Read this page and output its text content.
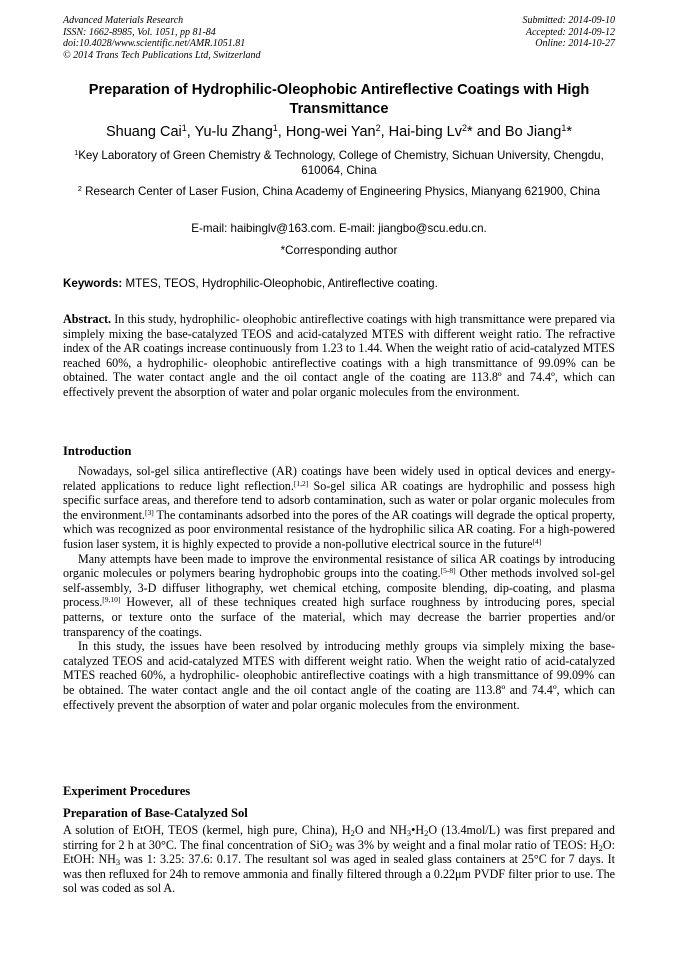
Advanced Materials Research
ISSN: 1662-8985, Vol. 1051, pp 81-84
doi:10.4028/www.scientific.net/AMR.1051.81
© 2014 Trans Tech Publications Ltd, Switzerland
Submitted: 2014-09-10
Accepted: 2014-09-12
Online: 2014-10-27
Preparation of Hydrophilic-Oleophobic Antireflective Coatings with High Transmittance
Shuang Cai$^1$, Yu-lu Zhang$^1$, Hong-wei Yan$^2$, Hai-bing Lv$^2$* and Bo Jiang$^1$*
$^1$Key Laboratory of Green Chemistry & Technology, College of Chemistry, Sichuan University, Chengdu, 610064, China
$^2$ Research Center of Laser Fusion, China Academy of Engineering Physics, Mianyang 621900, China
E-mail: haibinglv@163.com. E-mail: jiangbo@scu.edu.cn.
*Corresponding author
Keywords: MTES, TEOS, Hydrophilic-Oleophobic, Antireflective coating.

Abstract. In this study, hydrophilic- oleophobic antireflective coatings with high transmittance were prepared via simplely mixing the base-catalyzed TEOS and acid-catalyzed MTES with different weight ratio. The refractive index of the AR coatings increase continuously from 1.23 to 1.44. When the weight ratio of acid-catalyzed MTES reached 60%, a hydrophilic- oleophobic antireflective coatings with a high transmittance of 99.09% can be obtained. The water contact angle and the oil contact angle of the coating are 113.8º and 74.4º, which can effectively prevent the absorption of water and polar organic molecules from the environment.

Introduction

Nowadays, sol-gel silica antireflective (AR) coatings have been widely used in optical devices and energy-related applications to reduce light reflection.[1,2] So-gel silica AR coatings are hydrophilic and possess high specific surface areas, and therefore tend to adsorb contamination, such as water or polar organic molecules from the environment.[3] The contaminants adsorbed into the pores of the AR coatings will degrade the optical property, which was recognized as poor environmental resistance of the hydrophilic silica AR coating. For a high-powered fusion laser system, it is highly expected to provide a non-pollutive electrical source in the future[4]

Many attempts have been made to improve the environmental resistance of silica AR coatings by introducing organic molecules or polymers bearing hydrophobic groups into the coating.[5-8] Other methods involved sol-gel self-assembly, 3-D diffuser lithography, wet chemical etching, composite blending, dip-coating, and plasma process.[9,10] However, all of these techniques created high surface roughness by introducing pores, special patterns, or texture onto the surface of the material, which may decrease the barrier properties and/or transparency of the coatings.

In this study, the issues have been resolved by introducing methly groups via simplely mixing the base-catalyzed TEOS and acid-catalyzed MTES with different weight ratio. When the weight ratio of acid-catalyzed MTES reached 60%, a hydrophilic- oleophobic antireflective coatings with a high transmittance of 99.09% can be obtained. The water contact angle and the oil contact angle of the coating are 113.8º and 74.4º, which can effectively prevent the absorption of water and polar organic molecules from the environment.

Experiment Procedures
Preparation of Base-Catalyzed Sol

A solution of EtOH, TEOS (kermel, high pure, China), $H_2O$ and $NH_3•H_2O$ (13.4mol/L) was first prepared and stirring for 2 h at 30°C. The final concentration of SiO$_2$ was 3% by weight and a final molar ratio of TEOS: $H_2O$: EtOH: $NH_3$ was 1: 3.25: 37.6: 0.17. The resultant sol was aged in sealed glass containers at 25°C for 7 days. It was then refluxed for 24h to remove ammonia and finally filtered through a 0.22μm PVDF filter prior to use. The sol was coded as sol A.
